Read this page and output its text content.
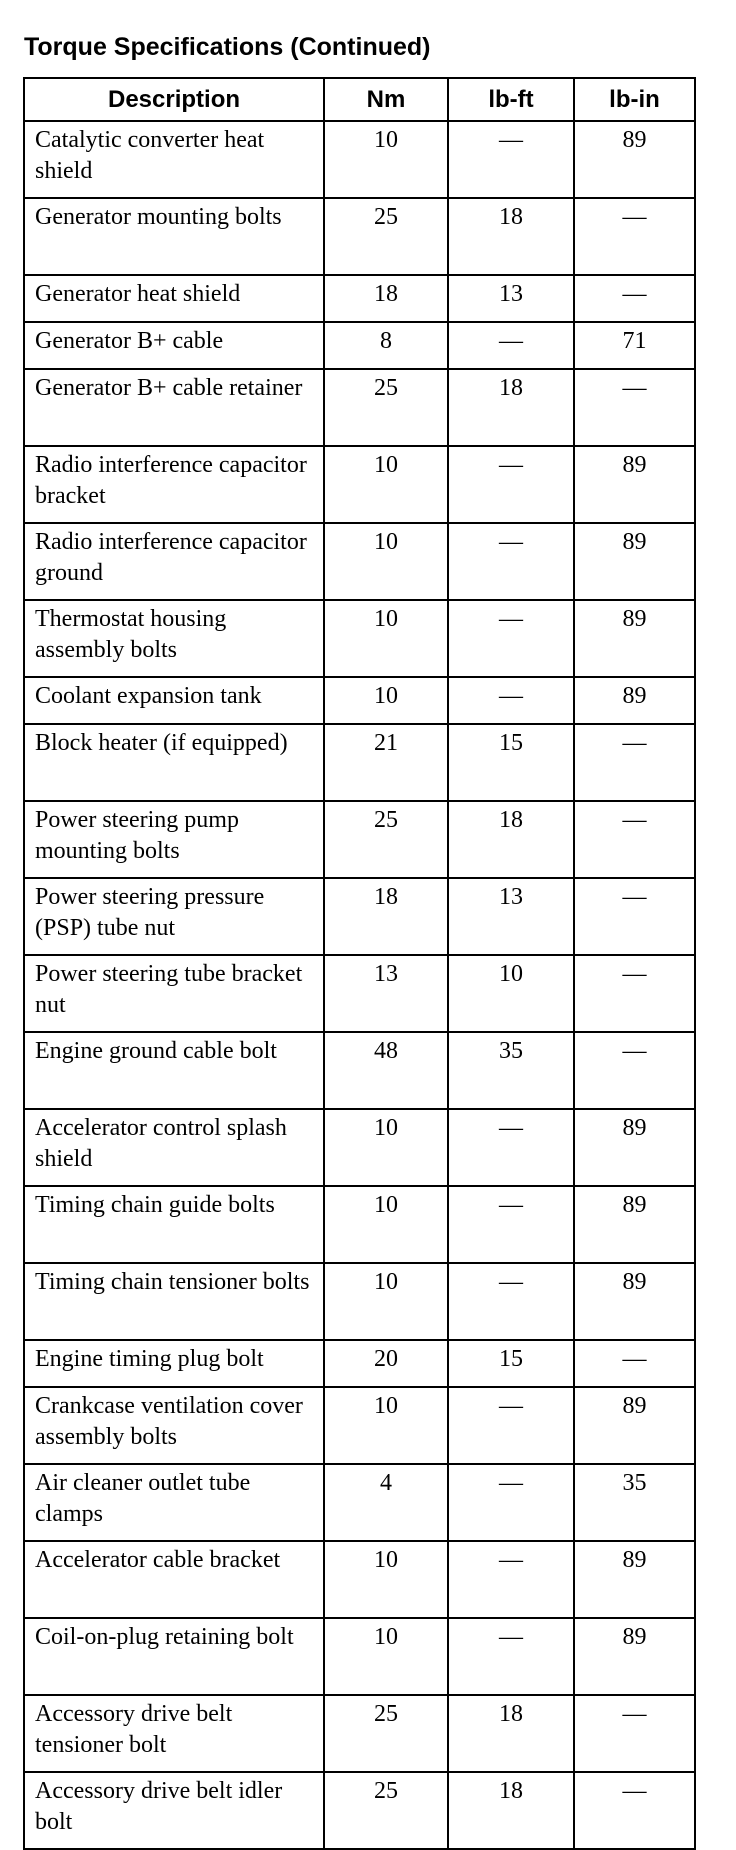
Torque Specifications (Continued)
Description	Nm	lb-ft	lb-in
Catalytic converter heat shield	10	—	89
Generator mounting bolts	25	18	—
Generator heat shield	18	13	—
Generator B+ cable	8	—	71
Generator B+ cable retainer	25	18	—
Radio interference capacitor bracket	10	—	89
Radio interference capacitor ground	10	—	89
Thermostat housing assembly bolts	10	—	89
Coolant expansion tank	10	—	89
Block heater (if equipped)	21	15	—
Power steering pump mounting bolts	25	18	—
Power steering pressure (PSP) tube nut	18	13	—
Power steering tube bracket nut	13	10	—
Engine ground cable bolt	48	35	—
Accelerator control splash shield	10	—	89
Timing chain guide bolts	10	—	89
Timing chain tensioner bolts	10	—	89
Engine timing plug bolt	20	15	—
Crankcase ventilation cover assembly bolts	10	—	89
Air cleaner outlet tube clamps	4	—	35
Accelerator cable bracket	10	—	89
Coil-on-plug retaining bolt	10	—	89
Accessory drive belt tensioner bolt	25	18	—
Accessory drive belt idler bolt	25	18	—
